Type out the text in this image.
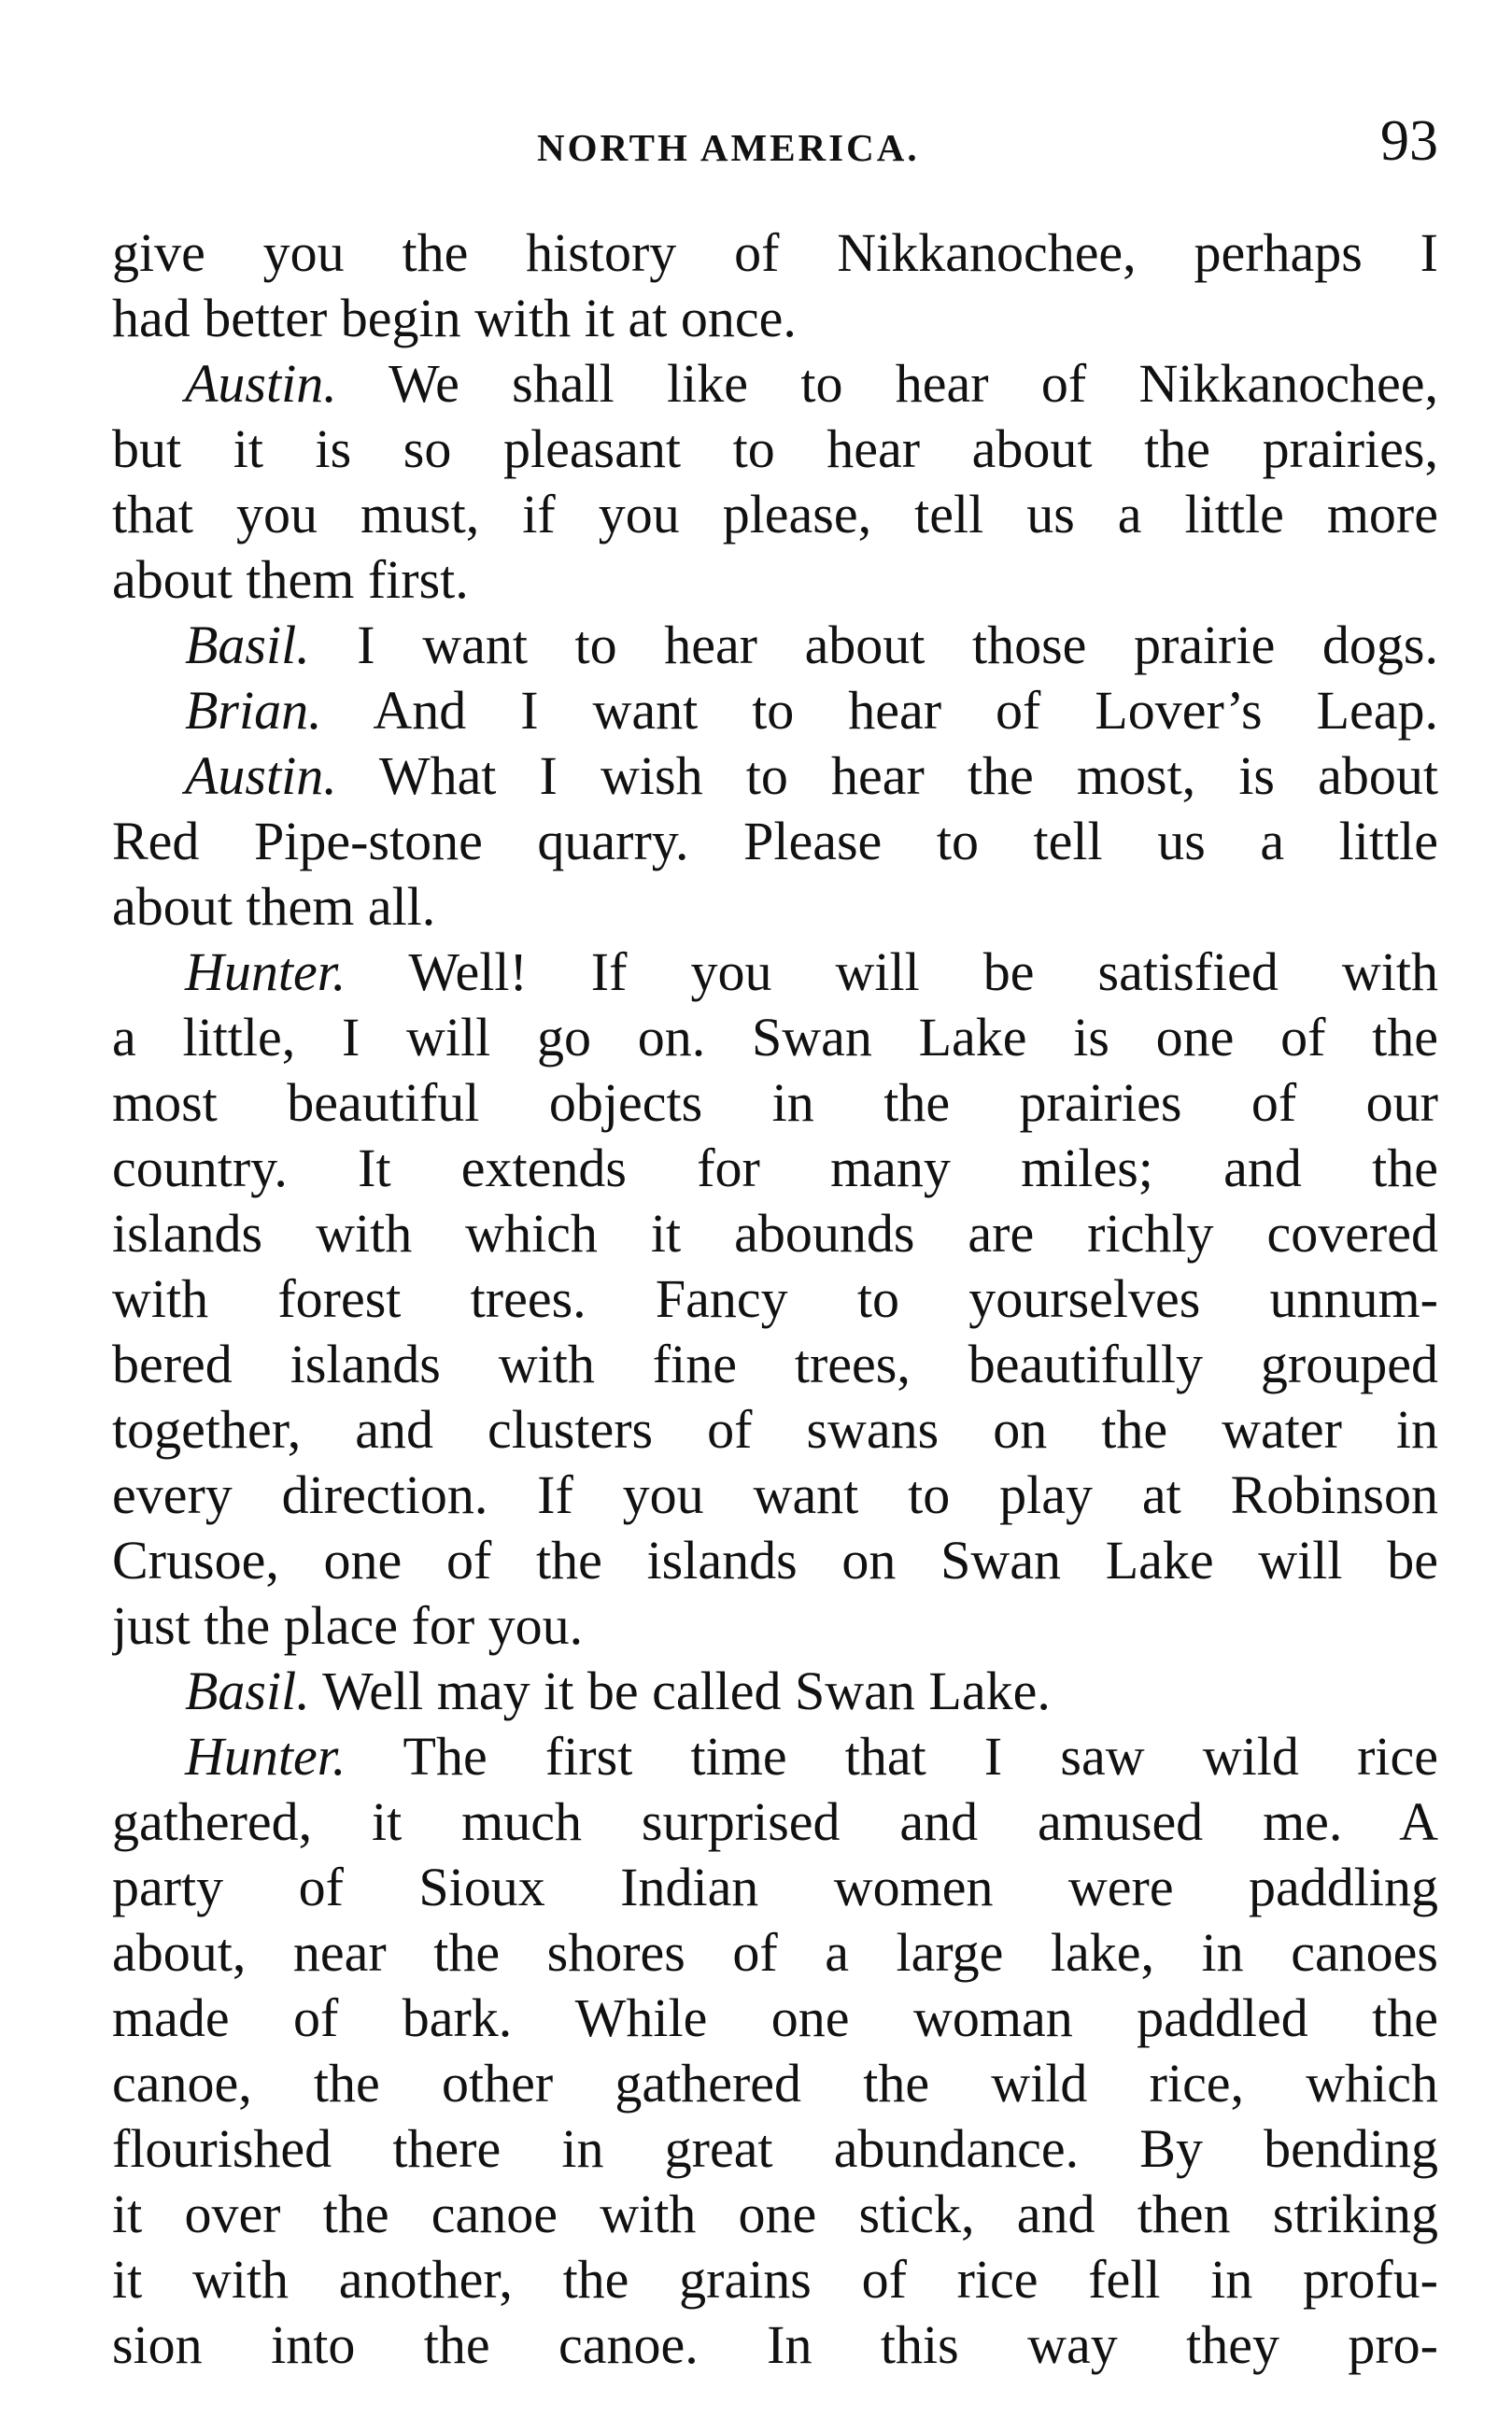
NORTH AMERICA.	93
give you the history of Nikkanochee, perhaps I
had better begin with it at once.
Austin. We shall like to hear of Nikkanochee,
but it is so pleasant to hear about the prairies,
that you must, if you please, tell us a little more
about them first.
Basil. I want to hear about those prairie dogs.
Brian. And I want to hear of Lover’s Leap.
Austin. What I wish to hear the most, is about
Red Pipe-stone quarry. Please to tell us a little
about them all.
Hunter. Well! If you will be satisfied with
a little, I will go on. Swan Lake is one of the
most beautiful objects in the prairies of our
country. It extends for many miles; and the
islands with which it abounds are richly covered
with forest trees. Fancy to yourselves unnum-
bered islands with fine trees, beautifully grouped
together, and clusters of swans on the water in
every direction. If you want to play at Robinson
Crusoe, one of the islands on Swan Lake will be
just the place for you.
Basil. Well may it be called Swan Lake.
Hunter. The first time that I saw wild rice
gathered, it much surprised and amused me. A
party of Sioux Indian women were paddling
about, near the shores of a large lake, in canoes
made of bark. While one woman paddled the
canoe, the other gathered the wild rice, which
flourished there in great abundance. By bending
it over the canoe with one stick, and then striking
it with another, the grains of rice fell in profu-
sion into the canoe. In this way they pro-
